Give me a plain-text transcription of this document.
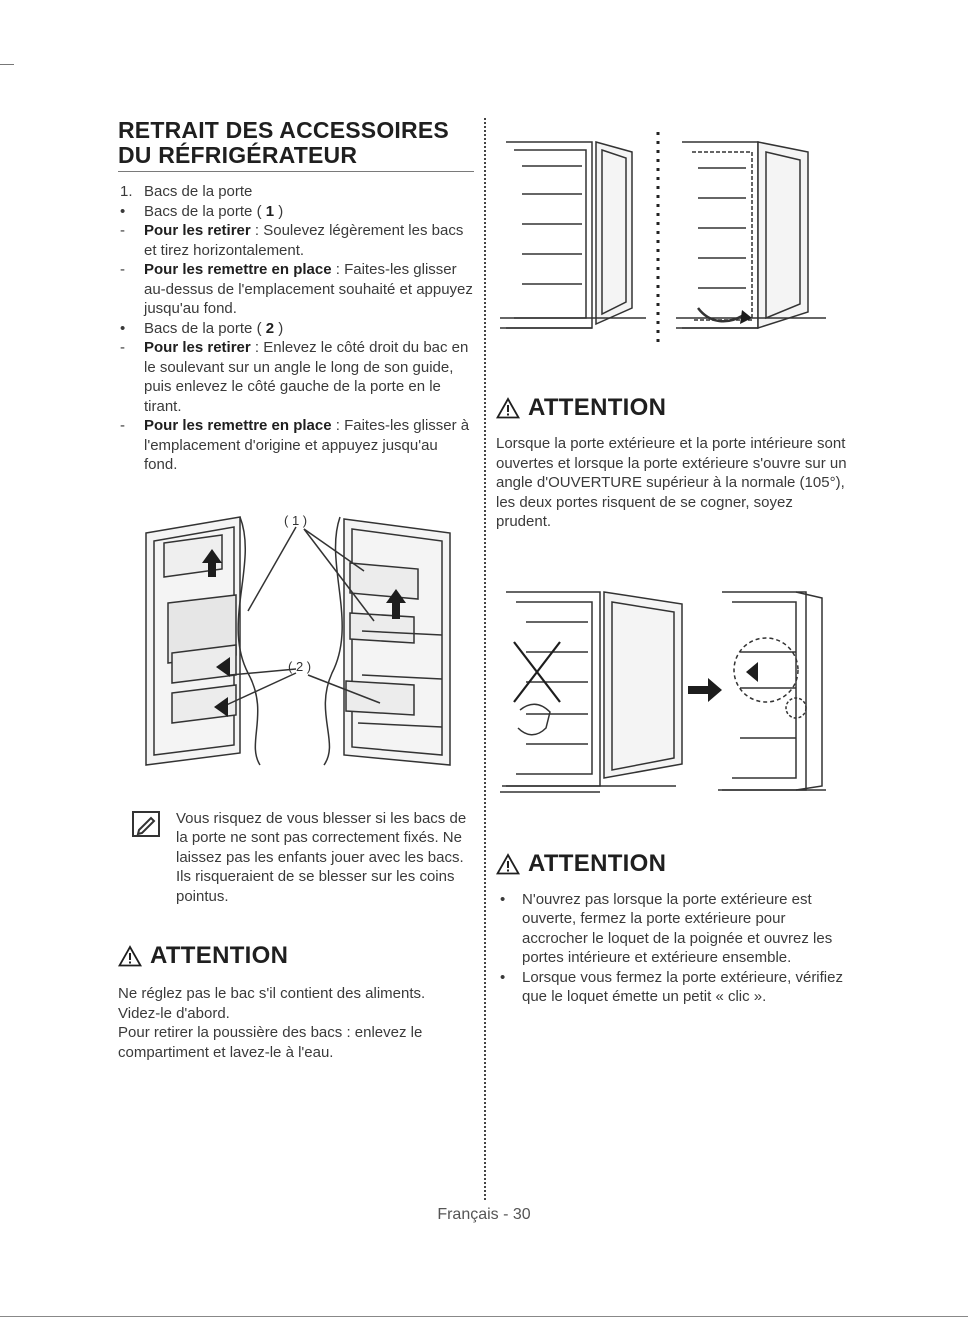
RETRAIT DES ACCESSOIRES DU RÉFRIGÉRATEUR
1. Bacs de la porte
•	Bacs de la porte ( 1 )
-	Pour les retirer : Soulevez légèrement les bacs et tirez horizontalement.
-	Pour les remettre en place : Faites-les glisser au-dessus de l'emplacement souhaité et appuyez jusqu'au fond.
•	Bacs de la porte ( 2 )
-	Pour les retirer : Enlevez le côté droit du bac en le soulevant sur un angle le long de son guide, puis enlevez le côté gauche de la porte en le tirant.
-	Pour les remettre en place : Faites-les glisser à l'emplacement d'origine et appuyez jusqu'au fond.
( 1 )
( 2 )

Vous risquez de vous blesser si les bacs de la porte ne sont pas correctement fixés. Ne laissez pas les enfants jouer avec les bacs. Ils risqueraient de se blesser sur les coins pointus.

ATTENTION

Ne réglez pas le bac s'il contient des aliments.

Videz-le d'abord.

Pour retirer la poussière des bacs : enlevez le compartiment et lavez-le à l'eau.

ATTENTION

Lorsque la porte extérieure et la porte intérieure sont ouvertes et lorsque la porte extérieure s'ouvre sur un angle d'OUVERTURE supérieur à la normale (105°), les deux portes risquent de se cogner, soyez prudent.

ATTENTION
• N'ouvrez pas lorsque la porte extérieure est ouverte, fermez la porte extérieure pour accrocher le loquet de la poignée et ouvrez les portes intérieure et extérieure ensemble.
• Lorsque vous fermez la porte extérieure, vérifiez que le loquet émette un petit « clic ».
Français - 30
